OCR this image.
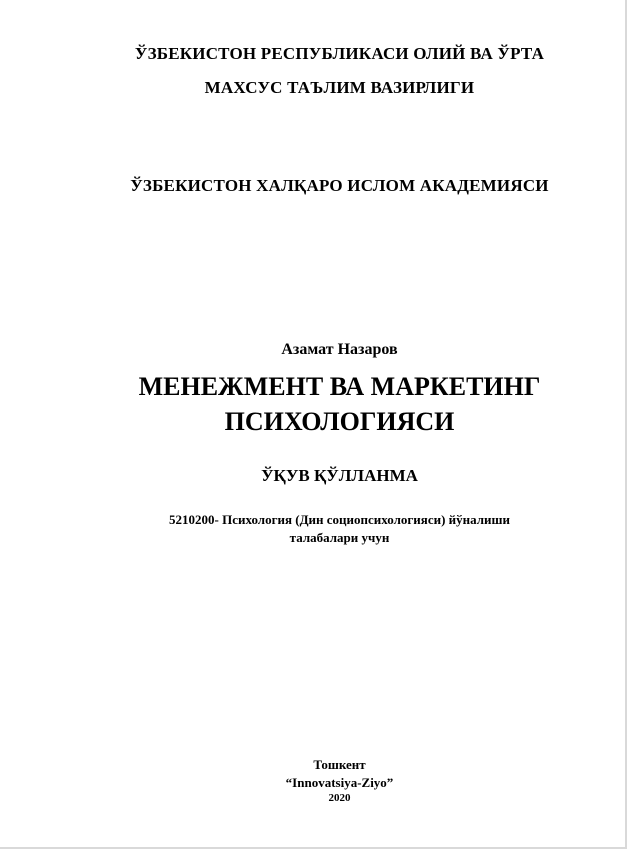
ЎЗБЕКИСТОН РЕСПУБЛИКАСИ ОЛИЙ ВА ЎРТА
МАХСУС ТАЪЛИМ ВАЗИРЛИГИ
ЎЗБЕКИСТОН ХАЛҚАРО ИСЛОМ АКАДЕМИЯСИ
Азамат Назаров
МЕНЕЖМЕНТ ВА МАРКЕТИНГ
ПСИХОЛОГИЯСИ
ЎҚУВ ҚЎЛЛАНМА
5210200- Психология (Дин социопсихологияси) йўналиши
талабалари учун
Тошкент
“Innovatsiya-Ziyo”
2020
